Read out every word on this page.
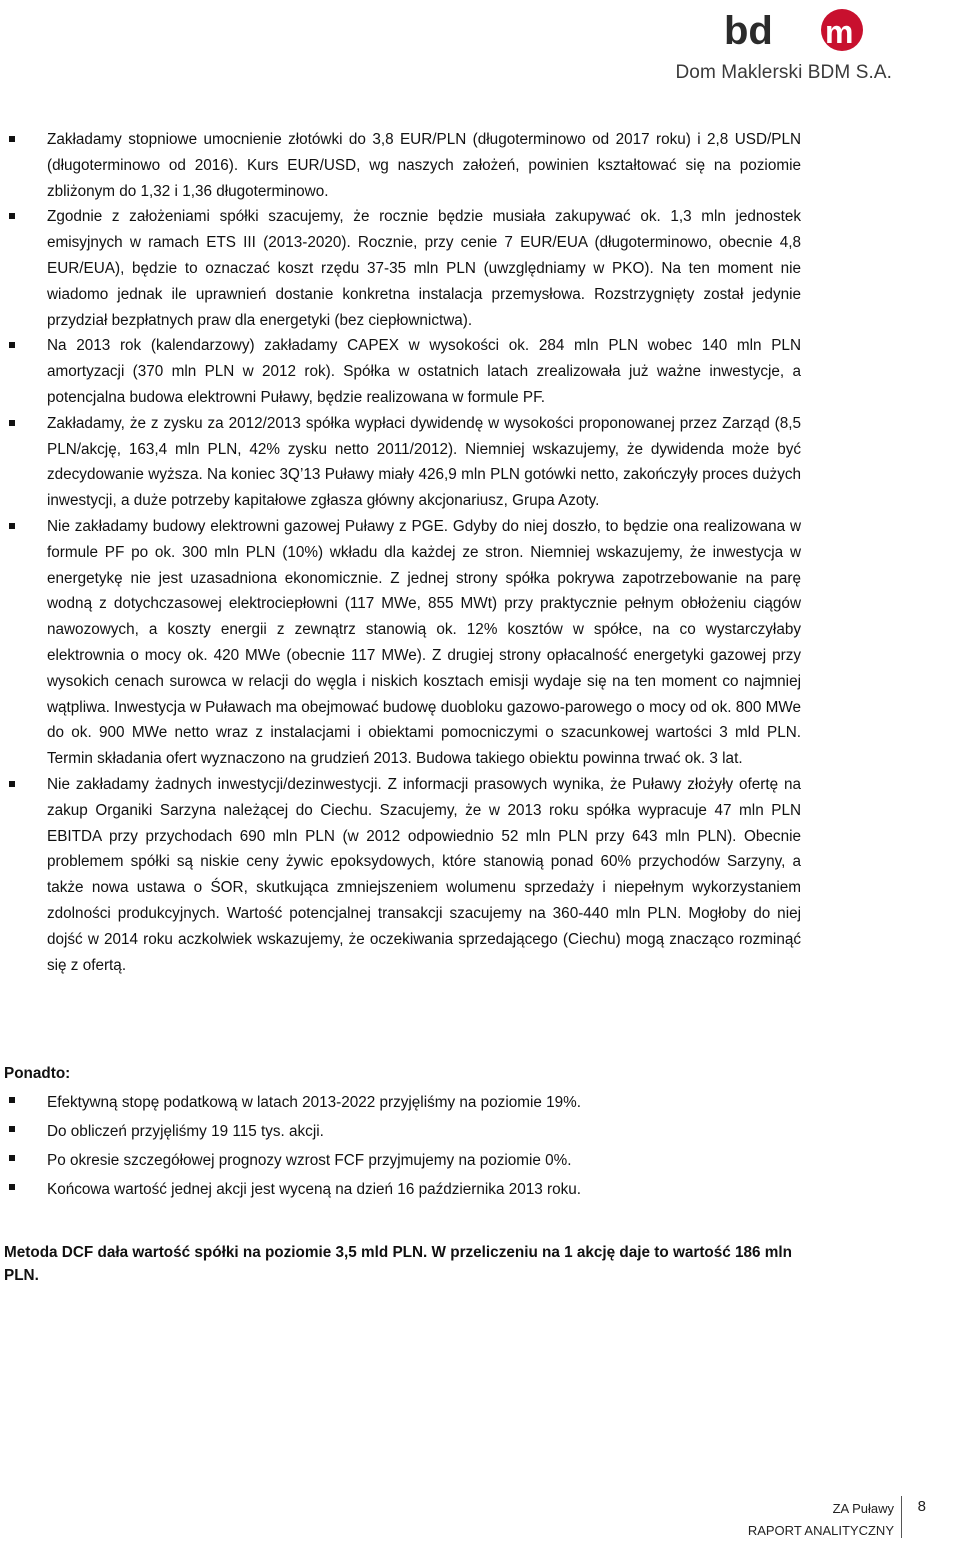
bd m
Dom Maklerski BDM S.A.
Zakładamy stopniowe umocnienie złotówki do 3,8 EUR/PLN (długoterminowo od 2017 roku) i 2,8 USD/PLN (długoterminowo od 2016). Kurs EUR/USD, wg naszych założeń, powinien kształtować się na poziomie zbliżonym do 1,32 i 1,36 długoterminowo.
Zgodnie z założeniami spółki szacujemy, że rocznie będzie musiała zakupywać ok. 1,3 mln jednostek emisyjnych w ramach ETS III (2013-2020). Rocznie, przy cenie 7 EUR/EUA (długoterminowo, obecnie 4,8 EUR/EUA), będzie to oznaczać koszt rzędu 37-35 mln PLN (uwzględniamy w PKO). Na ten moment nie wiadomo jednak ile uprawnień dostanie konkretna instalacja przemysłowa. Rozstrzygnięty został jedynie przydział bezpłatnych praw dla energetyki (bez ciepłownictwa).
Na 2013 rok (kalendarzowy) zakładamy CAPEX w wysokości ok. 284 mln PLN wobec 140 mln PLN amortyzacji (370 mln PLN w 2012 rok). Spółka w ostatnich latach zrealizowała już ważne inwestycje, a potencjalna budowa elektrowni Puławy, będzie realizowana w formule PF.
Zakładamy, że z zysku za 2012/2013 spółka wypłaci dywidendę w wysokości proponowanej przez Zarząd (8,5 PLN/akcję, 163,4 mln PLN, 42% zysku netto 2011/2012). Niemniej wskazujemy, że dywidenda może być zdecydowanie wyższa. Na koniec 3Q’13 Puławy miały 426,9 mln PLN gotówki netto, zakończyły proces dużych inwestycji, a duże potrzeby kapitałowe zgłasza główny akcjonariusz, Grupa Azoty.
Nie zakładamy budowy elektrowni gazowej Puławy z PGE. Gdyby do niej doszło, to będzie ona realizowana w formule PF po ok. 300 mln PLN (10%) wkładu dla każdej ze stron. Niemniej wskazujemy, że inwestycja w energetykę nie jest uzasadniona ekonomicznie. Z jednej strony spółka pokrywa zapotrzebowanie na parę wodną z dotychczasowej elektrociepłowni (117 MWe, 855 MWt) przy praktycznie pełnym obłożeniu ciągów nawozowych, a koszty energii z zewnątrz stanowią ok. 12% kosztów w spółce, na co wystarczyłaby elektrownia o mocy ok. 420 MWe (obecnie 117 MWe). Z drugiej strony opłacalność energetyki gazowej przy wysokich cenach surowca w relacji do węgla i niskich kosztach emisji wydaje się na ten moment co najmniej wątpliwa. Inwestycja w Puławach ma obejmować budowę duobloku gazowo-parowego o mocy od ok. 800 MWe do ok. 900 MWe netto wraz z instalacjami i obiektami pomocniczymi o szacunkowej wartości 3 mld PLN. Termin składania ofert wyznaczono na grudzień 2013. Budowa takiego obiektu powinna trwać ok. 3 lat.
Nie zakładamy żadnych inwestycji/dezinwestycji. Z informacji prasowych wynika, że Puławy złożyły ofertę na zakup Organiki Sarzyna należącej do Ciechu. Szacujemy, że w 2013 roku spółka wypracuje 47 mln PLN EBITDA przy przychodach 690 mln PLN (w 2012 odpowiednio 52 mln PLN przy 643 mln PLN). Obecnie problemem spółki są niskie ceny żywic epoksydowych, które stanowią ponad 60% przychodów Sarzyny, a także nowa ustawa o ŚOR, skutkująca zmniejszeniem wolumenu sprzedaży i niepełnym wykorzystaniem zdolności produkcyjnych. Wartość potencjalnej transakcji szacujemy na 360-440 mln PLN. Mogłoby do niej dojść w 2014 roku aczkolwiek wskazujemy, że oczekiwania sprzedającego (Ciechu) mogą znacząco rozminąć się z ofertą.
Ponadto:
Efektywną stopę podatkową w latach 2013-2022 przyjęliśmy na poziomie 19%.
Do obliczeń przyjęliśmy 19 115 tys. akcji.
Po okresie szczegółowej prognozy wzrost FCF przyjmujemy na poziomie 0%.
Końcowa wartość jednej akcji jest wyceną na dzień 16 października 2013 roku.
Metoda DCF dała wartość spółki na poziomie 3,5 mld PLN. W przeliczeniu na 1 akcję daje to wartość 186 mln PLN.
ZA Puławy
RAPORT ANALITYCZNY
8
